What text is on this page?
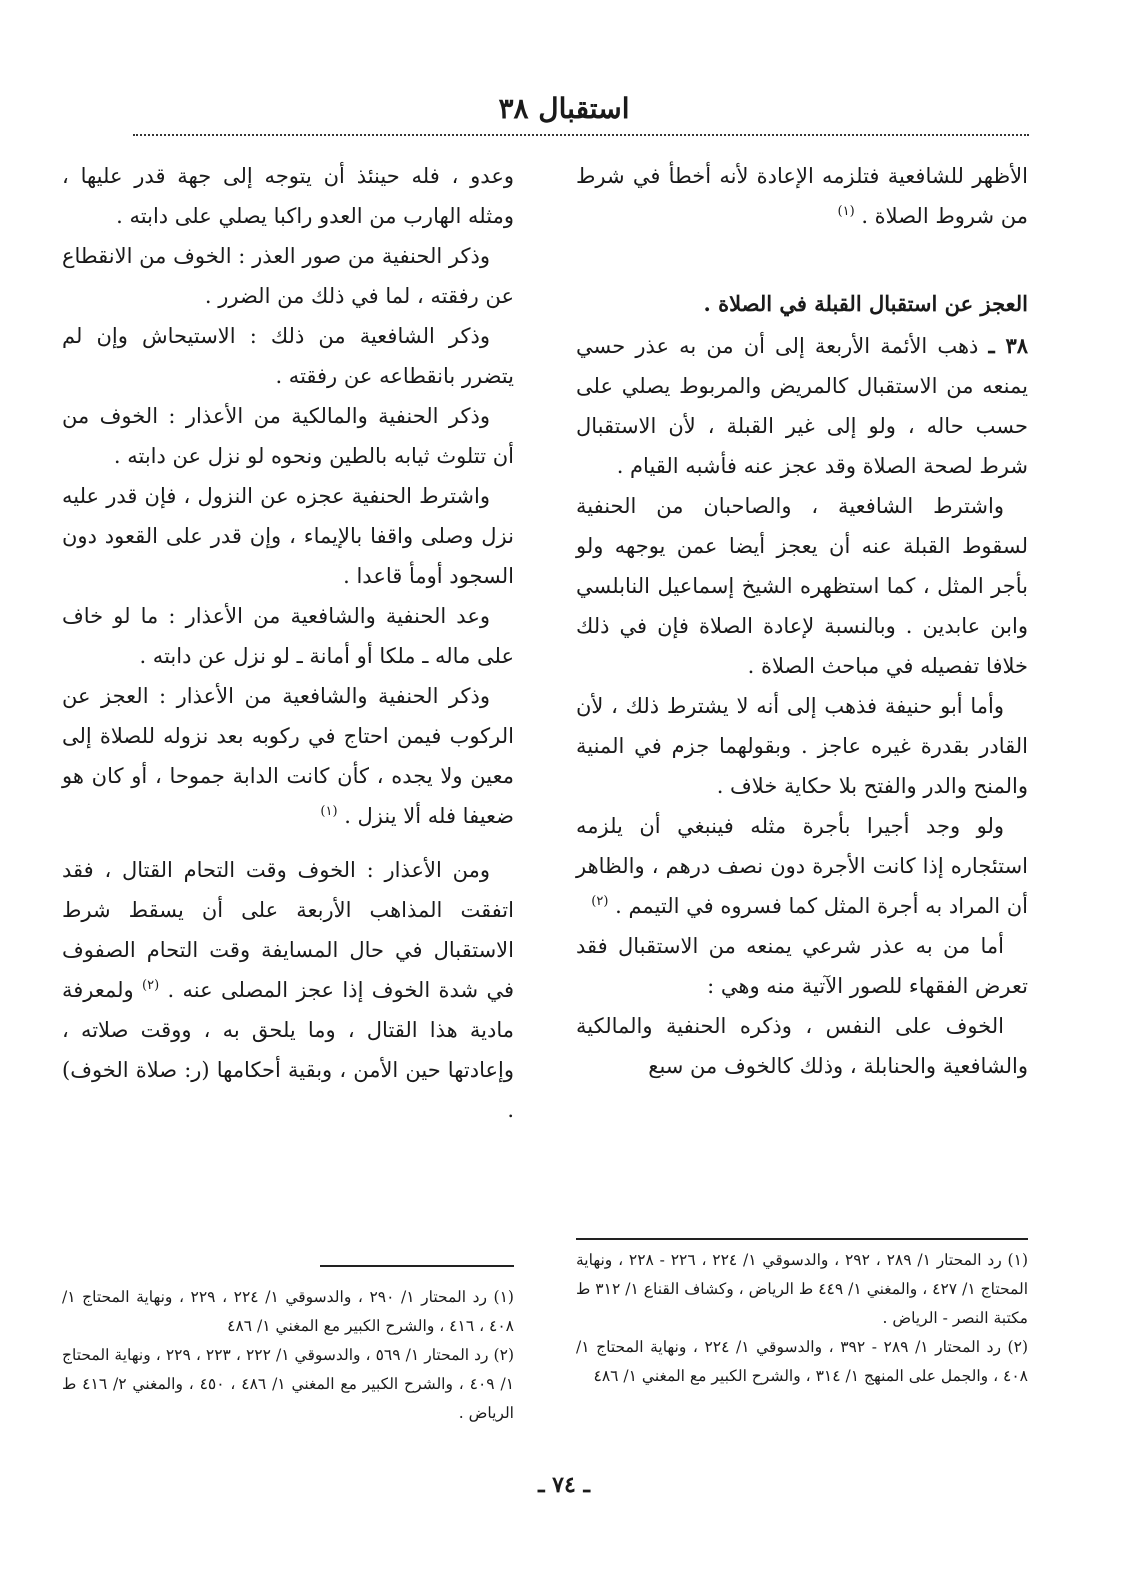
استقبال ٣٨

الأظهر للشافعية فتلزمه الإعادة لأنه أخطأ في شرط من شروط الصلاة . $^{(١)}$

العجز عن استقبال القبلة في الصلاة .

٣٨ ـ ذهب الأئمة الأربعة إلى أن من به عذر حسي يمنعه من الاستقبال كالمريض والمربوط يصلي على حسب حاله ، ولو إلى غير القبلة ، لأن الاستقبال شرط لصحة الصلاة وقد عجز عنه فأشبه القيام .

واشترط الشافعية ، والصاحبان من الحنفية لسقوط القبلة عنه أن يعجز أيضا عمن يوجهه ولو بأجر المثل ، كما استظهره الشيخ إسماعيل النابلسي وابن عابدين . وبالنسبة لإعادة الصلاة فإن في ذلك خلافا تفصيله في مباحث الصلاة .

وأما أبو حنيفة فذهب إلى أنه لا يشترط ذلك ، لأن القادر بقدرة غيره عاجز . وبقولهما جزم في المنية والمنح والدر والفتح بلا حكاية خلاف .

ولو وجد أجيرا بأجرة مثله فينبغي أن يلزمه استئجاره إذا كانت الأجرة دون نصف درهم ، والظاهر أن المراد به أجرة المثل كما فسروه في التيمم . $^{(٢)}$

أما من به عذر شرعي يمنعه من الاستقبال فقد تعرض الفقهاء للصور الآتية منه وهي :

الخوف على النفس ، وذكره الحنفية والمالكية والشافعية والحنابلة ، وذلك كالخوف من سبع

وعدو ، فله حينئذ أن يتوجه إلى جهة قدر عليها ، ومثله الهارب من العدو راكبا يصلي على دابته .

وذكر الحنفية من صور العذر : الخوف من الانقطاع عن رفقته ، لما في ذلك من الضرر .

وذكر الشافعية من ذلك : الاستيحاش وإن لم يتضرر بانقطاعه عن رفقته .

وذكر الحنفية والمالكية من الأعذار : الخوف من أن تتلوث ثيابه بالطين ونحوه لو نزل عن دابته .

واشترط الحنفية عجزه عن النزول ، فإن قدر عليه نزل وصلى واقفا بالإيماء ، وإن قدر على القعود دون السجود أومأ قاعدا .

وعد الحنفية والشافعية من الأعذار : ما لو خاف على ماله ـ ملكا أو أمانة ـ لو نزل عن دابته .

وذكر الحنفية والشافعية من الأعذار : العجز عن الركوب فيمن احتاج في ركوبه بعد نزوله للصلاة إلى معين ولا يجده ، كأن كانت الدابة جموحا ، أو كان هو ضعيفا فله ألا ينزل . $^{(١)}$

ومن الأعذار : الخوف وقت التحام القتال ، فقد اتفقت المذاهب الأربعة على أن يسقط شرط الاستقبال في حال المسايفة وقت التحام الصفوف في شدة الخوف إذا عجز المصلى عنه . $^{(٢)}$ ولمعرفة مادية هذا القتال ، وما يلحق به ، ووقت صلاته ، وإعادتها حين الأمن ، وبقية أحكامها (ر: صلاة الخوف) .

(١) رد المحتار ١/ ٢٨٩ ، ٢٩٢ ، والدسوقي ١/ ٢٢٤ ، ٢٢٦ - ٢٢٨ ، ونهاية المحتاج ١/ ٤٢٧ ، والمغني ١/ ٤٤٩ ط الرياض ، وكشاف القناع ١/ ٣١٢ ط مكتبة النصر - الرياض .

(٢) رد المحتار ١/ ٢٨٩ - ٣٩٢ ، والدسوقي ١/ ٢٢٤ ، ونهاية المحتاج ١/ ٤٠٨ ، والجمل على المنهج ١/ ٣١٤ ، والشرح الكبير مع المغني ١/ ٤٨٦

(١) رد المحتار ١/ ٢٩٠ ، والدسوقي ١/ ٢٢٤ ، ٢٢٩ ، ونهاية المحتاج ١/ ٤٠٨ ، ٤١٦ ، والشرح الكبير مع المغني ١/ ٤٨٦

(٢) رد المحتار ١/ ٥٦٩ ، والدسوقي ١/ ٢٢٢ ، ٢٢٣ ، ٢٢٩ ، ونهاية المحتاج ١/ ٤٠٩ ، والشرح الكبير مع المغني ١/ ٤٨٦ ، ٤٥٠ ، والمغني ٢/ ٤١٦ ط الرياض .

ـ ٧٤ ـ
